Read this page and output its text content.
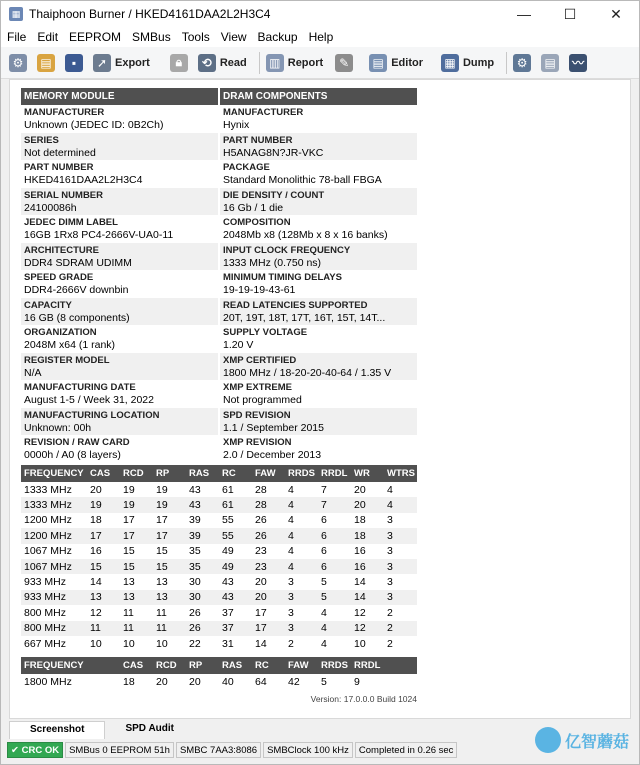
▦ Thaiphoon Burner / HKED4161DAA2L2H3C4	—	☐	✕
File Edit EEPROM SMBus Tools View Backup Help
⚙	▤	▪	➚ Export	🔒︎	⟲ Read ▥ Report	✎	▤ Editor ▦ Dump	⚙	▤ 〰
MEMORY MODULE
MANUFACTURER
Unknown (JEDEC ID: 0B2Ch)
SERIES
Not determined
PART NUMBER
HKED4161DAA2L2H3C4
SERIAL NUMBER
24100086h
JEDEC DIMM LABEL
16GB 1Rx8 PC4-2666V-UA0-11
ARCHITECTURE
DDR4 SDRAM UDIMM
SPEED GRADE
DDR4-2666V downbin
CAPACITY
16 GB (8 components)
ORGANIZATION
2048M x64 (1 rank)
REGISTER MODEL
N/A
MANUFACTURING DATE
August 1-5 / Week 31, 2022
MANUFACTURING LOCATION
Unknown: 00h
REVISION / RAW CARD
0000h / A0 (8 layers)
DRAM COMPONENTS
MANUFACTURER
Hynix
PART NUMBER
H5ANAG8N?JR-VKC
PACKAGE
Standard Monolithic 78-ball FBGA
DIE DENSITY / COUNT
16 Gb / 1 die
COMPOSITION
2048Mb x8 (128Mb x 8 x 16 banks)
INPUT CLOCK FREQUENCY
1333 MHz (0.750 ns)
MINIMUM TIMING DELAYS
19-19-19-43-61
READ LATENCIES SUPPORTED
20T, 19T, 18T, 17T, 16T, 15T, 14T...
SUPPLY VOLTAGE
1.20 V
XMP CERTIFIED
1800 MHz / 18-20-20-40-64 / 1.35 V
XMP EXTREME
Not programmed
SPD REVISION
1.1 / September 2015
XMP REVISION
2.0 / December 2013
FREQUENCY	CAS	RCD	RP	RAS	RC	FAW	RRDS	RRDL	WR	WTRS
1333 MHz	20	19	19	43	61	28	4	7	20	4
1333 MHz	19	19	19	43	61	28	4	7	20	4
1200 MHz	18	17	17	39	55	26	4	6	18	3
1200 MHz	17	17	17	39	55	26	4	6	18	3
1067 MHz	16	15	15	35	49	23	4	6	16	3
1067 MHz	15	15	15	35	49	23	4	6	16	3
933 MHz	14	13	13	30	43	20	3	5	14	3
933 MHz	13	13	13	30	43	20	3	5	14	3
800 MHz	12	11	11	26	37	17	3	4	12	2
800 MHz	11	11	11	26	37	17	3	4	12	2
667 MHz	10	10	10	22	31	14	2	4	10	2
FREQUENCY		CAS	RCD	RP	RAS	RC	FAW	RRDS	RRDL	
1800 MHz		18	20	20	40	64	42	5	9	
Version: 17.0.0.0 Build 1024
Screenshot	SPD Audit
✔ CRC OK	SMBus 0 EEPROM 51h	SMBC 7AA3:8086	SMBClock 100 kHz	Completed in 0.26 sec	亿智蘑菇
